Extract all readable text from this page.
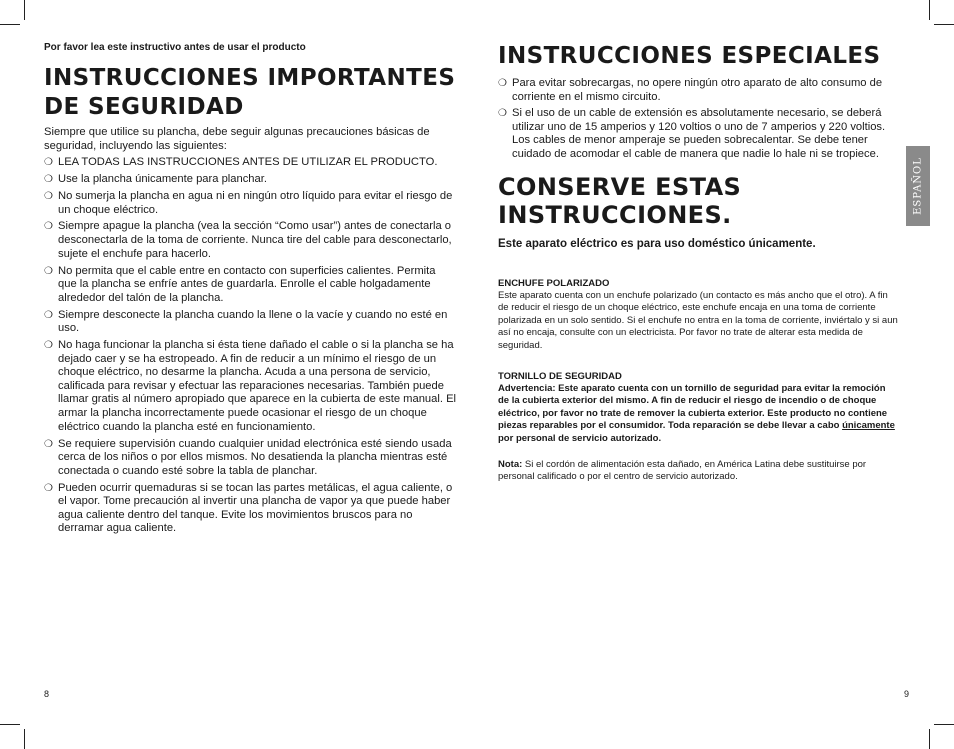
Por favor lea este instructivo antes de usar el producto

INSTRUCCIONES IMPORTANTES
DE SEGURIDAD

Siempre que utilice su plancha, debe seguir algunas precauciones básicas de seguridad, incluyendo las siguientes:

❍ LEA TODAS LAS INSTRUCCIONES ANTES DE UTILIZAR EL PRODUCTO.
❍ Use la plancha únicamente para planchar.
❍ No sumerja la plancha en agua ni en ningún otro líquido para evitar el riesgo de un choque eléctrico.
❍ Siempre apague la plancha (vea la sección “Como usar”) antes de conectarla o desconectarla de la toma de corriente. Nunca tire del cable para desconectarlo, sujete el enchufe para hacerlo.
❍ No permita que el cable entre en contacto con superficies calientes. Permita que la plancha se enfríe antes de guardarla. Enrolle el cable holgadamente alrededor del talón de la plancha.
❍ Siempre desconecte la plancha cuando la llene o la vacíe y cuando no esté en uso.
❍ No haga funcionar la plancha si ésta tiene dañado el cable o si la plancha se ha dejado caer y se ha estropeado. A fin de reducir a un mínimo el riesgo de un choque eléctrico, no desarme la plancha. Acuda a una persona de servicio, calificada para revisar y efectuar las reparaciones necesarias. También puede llamar gratis al número apropiado que aparece en la cubierta de este manual. El armar la plancha incorrectamente puede ocasionar el riesgo de un choque eléctrico cuando la plancha esté en funcionamiento.
❍ Se requiere supervisión cuando cualquier unidad electrónica esté siendo usada cerca de los niños o por ellos mismos. No desatienda la plancha mientras esté conectada o cuando esté sobre la tabla de planchar.
❍ Pueden ocurrir quemaduras si se tocan las partes metálicas, el agua caliente, o el vapor. Tome precaución al invertir una plancha de vapor ya que puede haber agua caliente dentro del tanque. Evite los movimientos bruscos para no derramar agua caliente.
8
INSTRUCCIONES ESPECIALES
❍ Para evitar sobrecargas, no opere ningún otro aparato de alto consumo de corriente en el mismo circuito.
❍ Si el uso de un cable de extensión es absolutamente necesario, se deberá utilizar uno de 15 amperios y 120 voltios o uno de 7 amperios y 220 voltios. Los cables de menor amperaje se pueden sobrecalentar. Se debe tener cuidado de acomodar el cable de manera que nadie lo hale ni se tropiece.
CONSERVE ESTAS INSTRUCCIONES.

Este aparato eléctrico es para uso doméstico únicamente.

ENCHUFE POLARIZADO

Este aparato cuenta con un enchufe polarizado (un contacto es más ancho que el otro). A fin de reducir el riesgo de un choque eléctrico, este enchufe encaja en una toma de corriente polarizada en un solo sentido. Si el enchufe no entra en la toma de corriente, inviértalo y si aun así no encaja, consulte con un electricista. Por favor no trate de alterar esta medida de seguridad.

TORNILLO DE SEGURIDAD

Advertencia: Este aparato cuenta con un tornillo de seguridad para evitar la remoción de la cubierta exterior del mismo. A fin de reducir el riesgo de incendio o de choque eléctrico, por favor no trate de remover la cubierta exterior. Este producto no contiene piezas reparables por el consumidor. Toda reparación se debe llevar a cabo únicamente por personal de servicio autorizado.

Nota: Si el cordón de alimentación esta dañado, en América Latina debe sustituirse por personal calificado o por el centro de servicio autorizado.

9
ESPAÑOL
